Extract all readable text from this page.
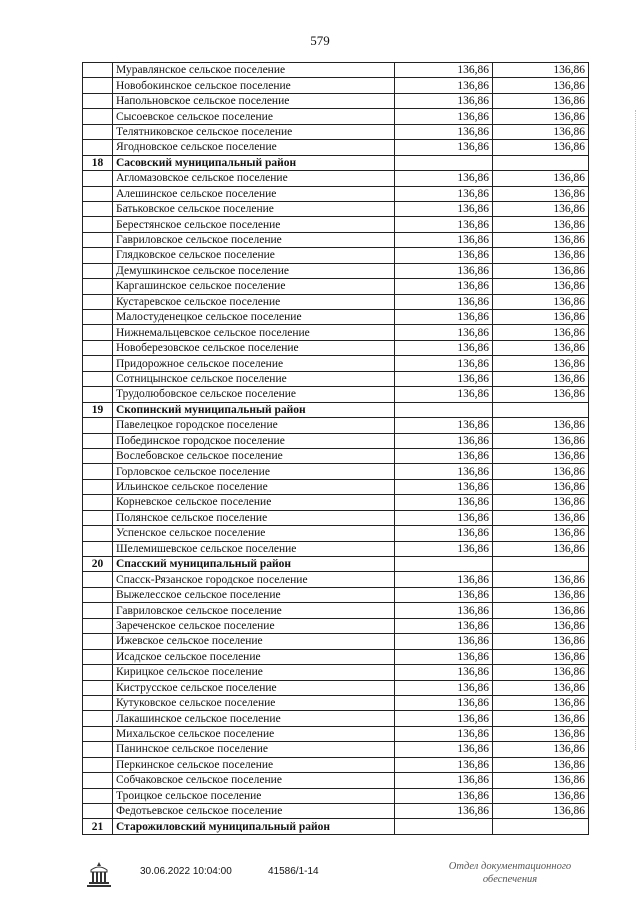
579
	Муравлянское сельское поселение	136,86	136,86
	Новобокинское сельское поселение	136,86	136,86
	Напольновское сельское поселение	136,86	136,86
	Сысоевское сельское поселение	136,86	136,86
	Телятниковское сельское поселение	136,86	136,86
	Ягодновское сельское поселение	136,86	136,86
18	Сасовский муниципальный район		
	Агломазовское сельское поселение	136,86	136,86
	Алешинское сельское поселение	136,86	136,86
	Батьковское сельское поселение	136,86	136,86
	Берестянское сельское поселение	136,86	136,86
	Гавриловское сельское поселение	136,86	136,86
	Глядковское сельское поселение	136,86	136,86
	Демушкинское сельское поселение	136,86	136,86
	Каргашинское сельское поселение	136,86	136,86
	Кустаревское сельское поселение	136,86	136,86
	Малостуденецкое сельское поселение	136,86	136,86
	Нижнемальцевское сельское поселение	136,86	136,86
	Новоберезовское сельское поселение	136,86	136,86
	Придорожное сельское поселение	136,86	136,86
	Сотницынское сельское поселение	136,86	136,86
	Трудолюбовское сельское поселение	136,86	136,86
19	Скопинский муниципальный район		
	Павелецкое городское поселение	136,86	136,86
	Побединское городское поселение	136,86	136,86
	Вослебовское сельское поселение	136,86	136,86
	Горловское сельское поселение	136,86	136,86
	Ильинское сельское поселение	136,86	136,86
	Корневское сельское поселение	136,86	136,86
	Полянское сельское поселение	136,86	136,86
	Успенское сельское поселение	136,86	136,86
	Шелемишевское сельское поселение	136,86	136,86
20	Спасский муниципальный район		
	Спасск-Рязанское городское поселение	136,86	136,86
	Выжелесское сельское поселение	136,86	136,86
	Гавриловское сельское поселение	136,86	136,86
	Зареченское сельское поселение	136,86	136,86
	Ижевское сельское поселение	136,86	136,86
	Исадское сельское поселение	136,86	136,86
	Кирицкое сельское поселение	136,86	136,86
	Киструсское сельское поселение	136,86	136,86
	Кутуковское сельское поселение	136,86	136,86
	Лакашинское сельское поселение	136,86	136,86
	Михальское сельское поселение	136,86	136,86
	Панинское сельское поселение	136,86	136,86
	Перкинское сельское поселение	136,86	136,86
	Собчаковское сельское поселение	136,86	136,86
	Троицкое сельское поселение	136,86	136,86
	Федотьевское сельское поселение	136,86	136,86
21	Старожиловский муниципальный район		
30.06.2022 10:04:00	41586/1-14	Отдел документационного
обеспечения
